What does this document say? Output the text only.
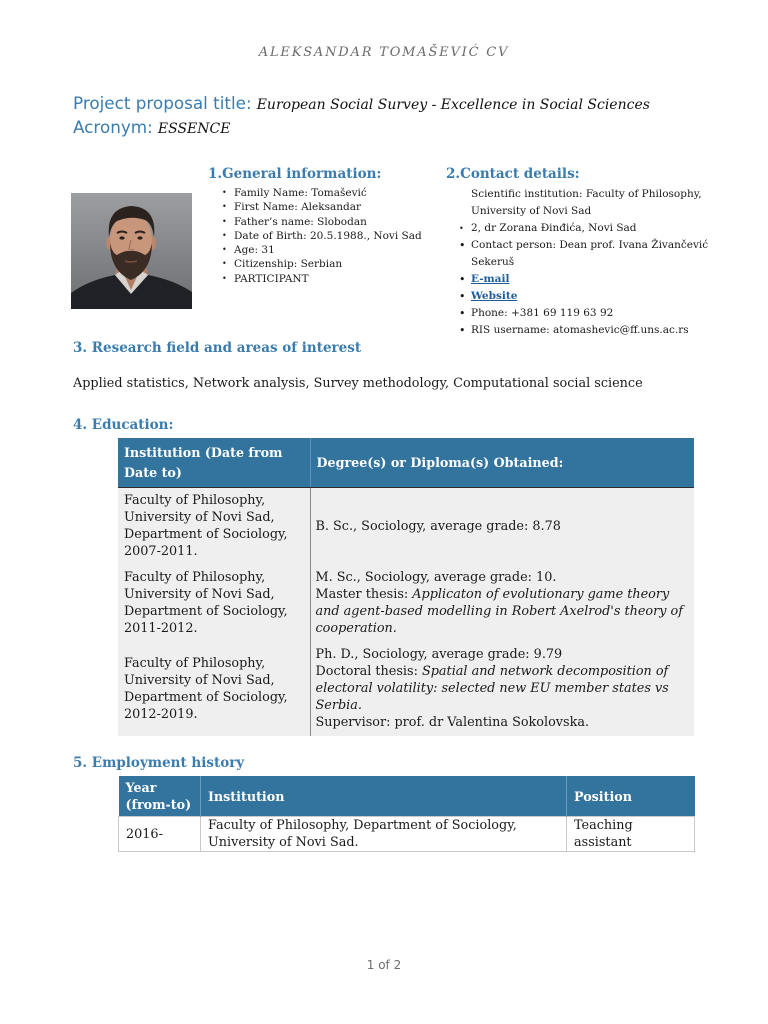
ALEKSANDAR TOMAŠEVIĆ CV
Project proposal title: European Social Survey - Excellence in Social Sciences
Acronym: ESSENCE
1.General information:
• Family Name: Tomašević
• First Name: Aleksandar
• Father’s name: Slobodan
• Date of Birth: 20.5.1988., Novi Sad
• Age: 31
• Citizenship: Serbian
• PARTICIPANT
2.Contact details:
Scientific institution: Faculty of Philosophy, University of Novi Sad
• 2, dr Zorana Đinđića, Novi Sad
• Contact person: Dean prof. Ivana Živančević Sekeruš
• E-mail
• Website
• Phone: +381 69 119 63 92
• RIS username: atomashevic@ff.uns.ac.rs
3. Research field and areas of interest
Applied statistics, Network analysis, Survey methodology, Computational social science
4. Education:
Institution (Date from Date to)	Degree(s) or Diploma(s) Obtained:
Faculty of Philosophy, University of Novi Sad, Department of Sociology, 2007-2011.	B. Sc., Sociology, average grade: 8.78

Faculty of Philosophy, University of Novi Sad, Department of Sociology, 2011-2012.	M. Sc., Sociology, average grade: 10.
Master thesis: Applicaton of evolutionary game theory and agent-based modelling in Robert Axelrod's theory of cooperation.

Faculty of Philosophy, University of Novi Sad, Department of Sociology, 2012-2019.	Ph. D., Sociology, average grade: 9.79
Doctoral thesis: Spatial and network decomposition of electoral volatility: selected new EU member states vs Serbia.
Supervisor: prof. dr Valentina Sokolovska.
5. Employment history
Year (from-to)	Institution	Position
2016-	Faculty of Philosophy, Department of Sociology, University of Novi Sad.	Teaching assistant
1 of 2
